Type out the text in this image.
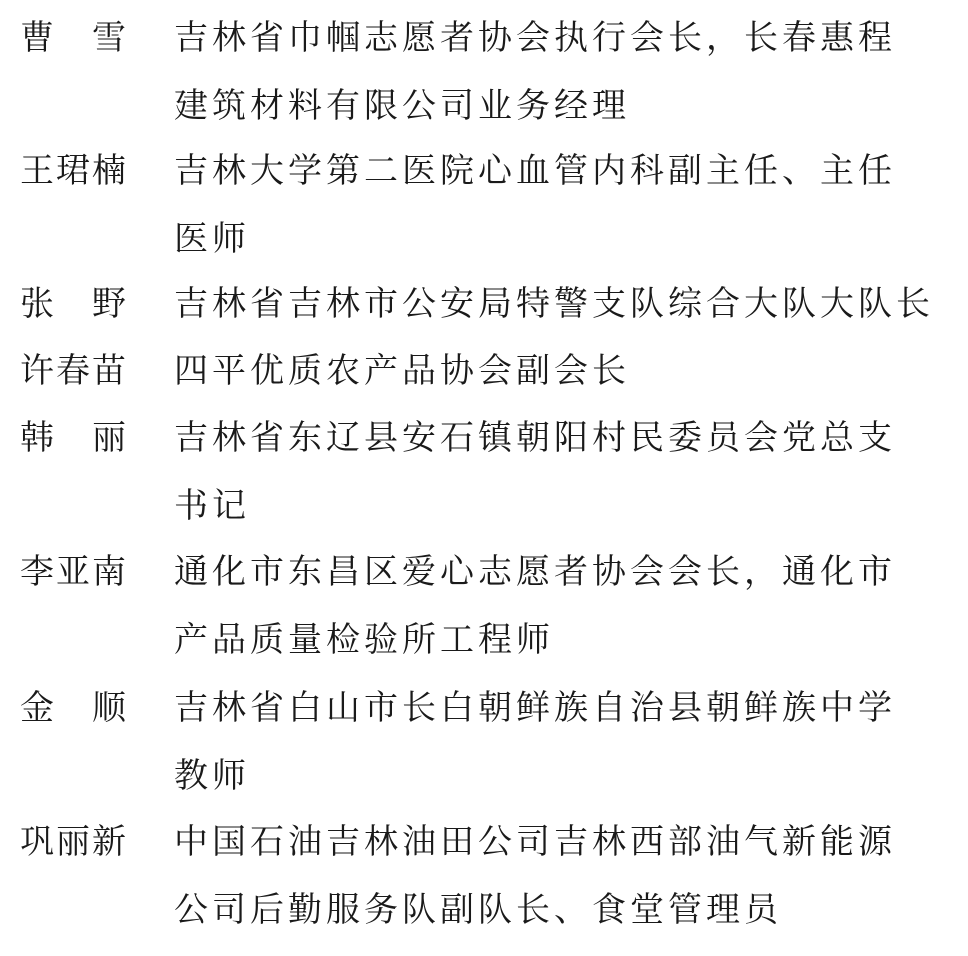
曹　雪	吉林省巾帼志愿者协会执行会长，长春惠程
建筑材料有限公司业务经理
王珺楠	吉林大学第二医院心血管内科副主任、主任
医师
张　野	吉林省吉林市公安局特警支队综合大队大队长
许春苗	四平优质农产品协会副会长
韩　丽	吉林省东辽县安石镇朝阳村民委员会党总支
书记
李亚南	通化市东昌区爱心志愿者协会会长，通化市
产品质量检验所工程师
金　顺	吉林省白山市长白朝鲜族自治县朝鲜族中学
教师
巩丽新	中国石油吉林油田公司吉林西部油气新能源
公司后勤服务队副队长、食堂管理员
